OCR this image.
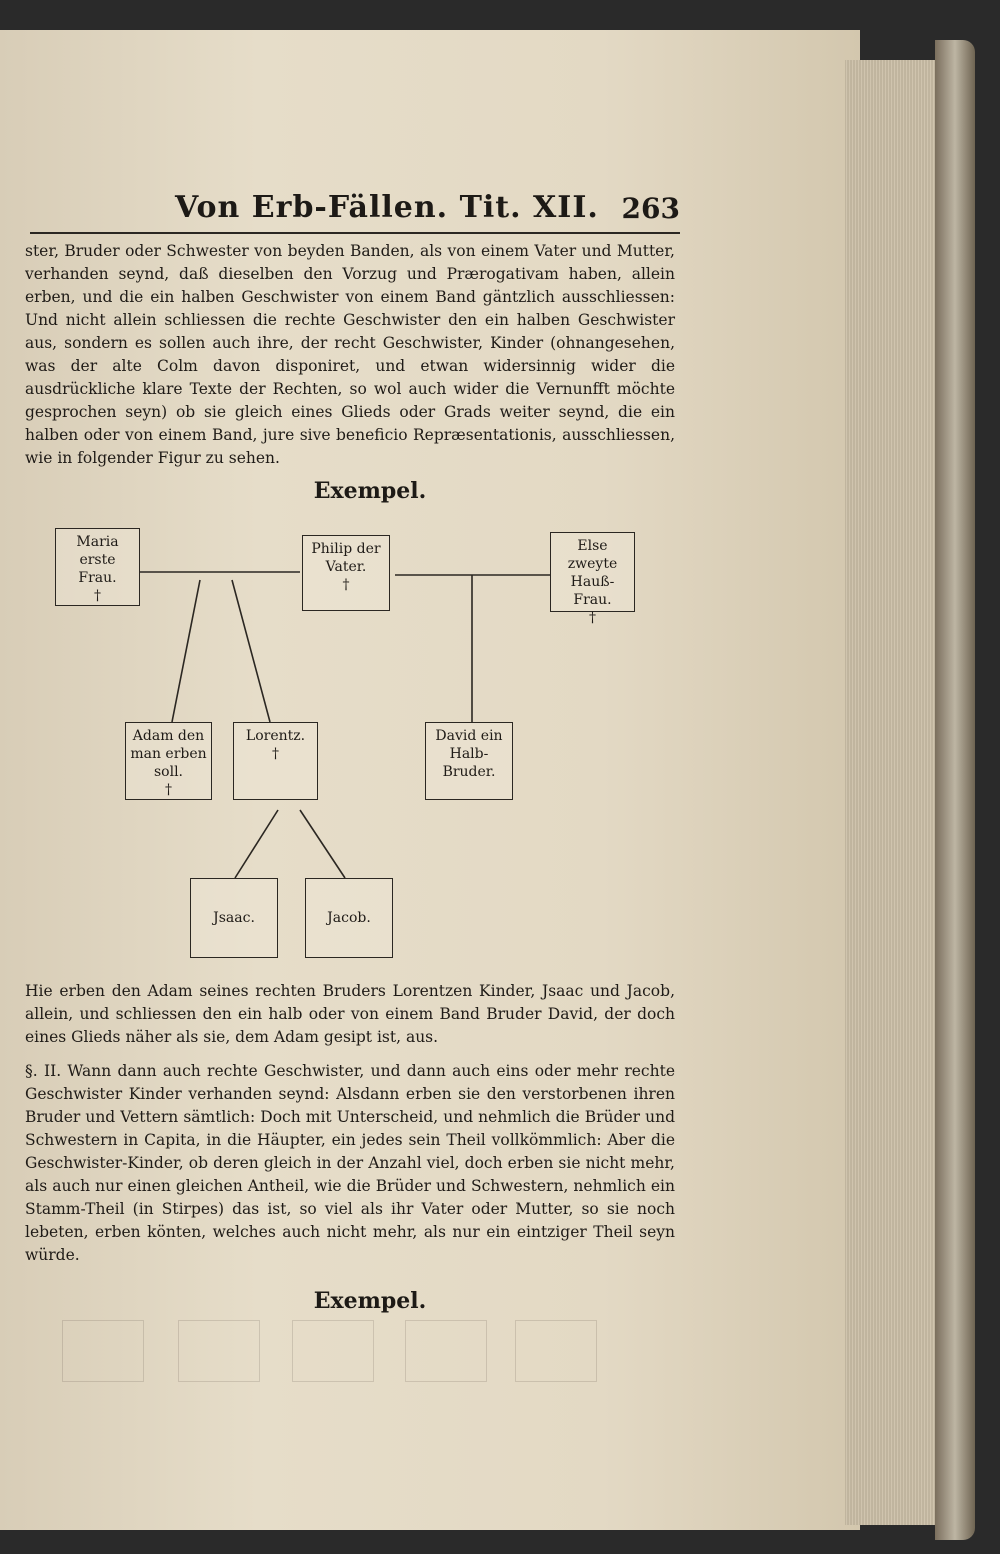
Von Erb-Fällen. Tit. XII. 263

ster, Bruder oder Schwester von beyden Banden, als von einem Vater und Mutter, verhanden seynd, daß dieselben den Vorzug und Prærogativam haben, allein erben, und die ein halben Geschwister von einem Band gäntzlich ausschliessen: Und nicht allein schliessen die rechte Geschwister den ein halben Geschwister aus, sondern es sollen auch ihre, der recht Geschwister, Kinder (ohnangesehen, was der alte Colm davon disponiret, und etwan widersinnig wider die ausdrückliche klare Texte der Rechten, so wol auch wider die Vernunfft möchte gesprochen seyn) ob sie gleich eines Glieds oder Grads weiter seynd, die ein halben oder von einem Band, jure sive beneficio Repræsentationis, ausschliessen, wie in folgender Figur zu sehen.

Exempel.
Maria erste Frau.
†
Philip der Vater.
†
Else zweyte Hauß-Frau.
†
Adam den man erben soll.
†
Lorentz.
†
David ein Halb-Bruder.
Jsaac.	Jacob.

Hie erben den Adam seines rechten Bruders Lorentzen Kinder, Jsaac und Jacob, allein, und schliessen den ein halb oder von einem Band Bruder David, der doch eines Glieds näher als sie, dem Adam gesipt ist, aus.

§. II. Wann dann auch rechte Geschwister, und dann auch eins oder mehr rechte Geschwister Kinder verhanden seynd: Alsdann erben sie den verstorbenen ihren Bruder und Vettern sämtlich: Doch mit Unterscheid, und nehmlich die Brüder und Schwestern in Capita, in die Häupter, ein jedes sein Theil vollkömmlich: Aber die Geschwister-Kinder, ob deren gleich in der Anzahl viel, doch erben sie nicht mehr, als auch nur einen gleichen Antheil, wie die Brüder und Schwestern, nehmlich ein Stamm-Theil (in Stirpes) das ist, so viel als ihr Vater oder Mutter, so sie noch lebeten, erben könten, welches auch nicht mehr, als nur ein eintziger Theil seyn würde.

Exempel.
